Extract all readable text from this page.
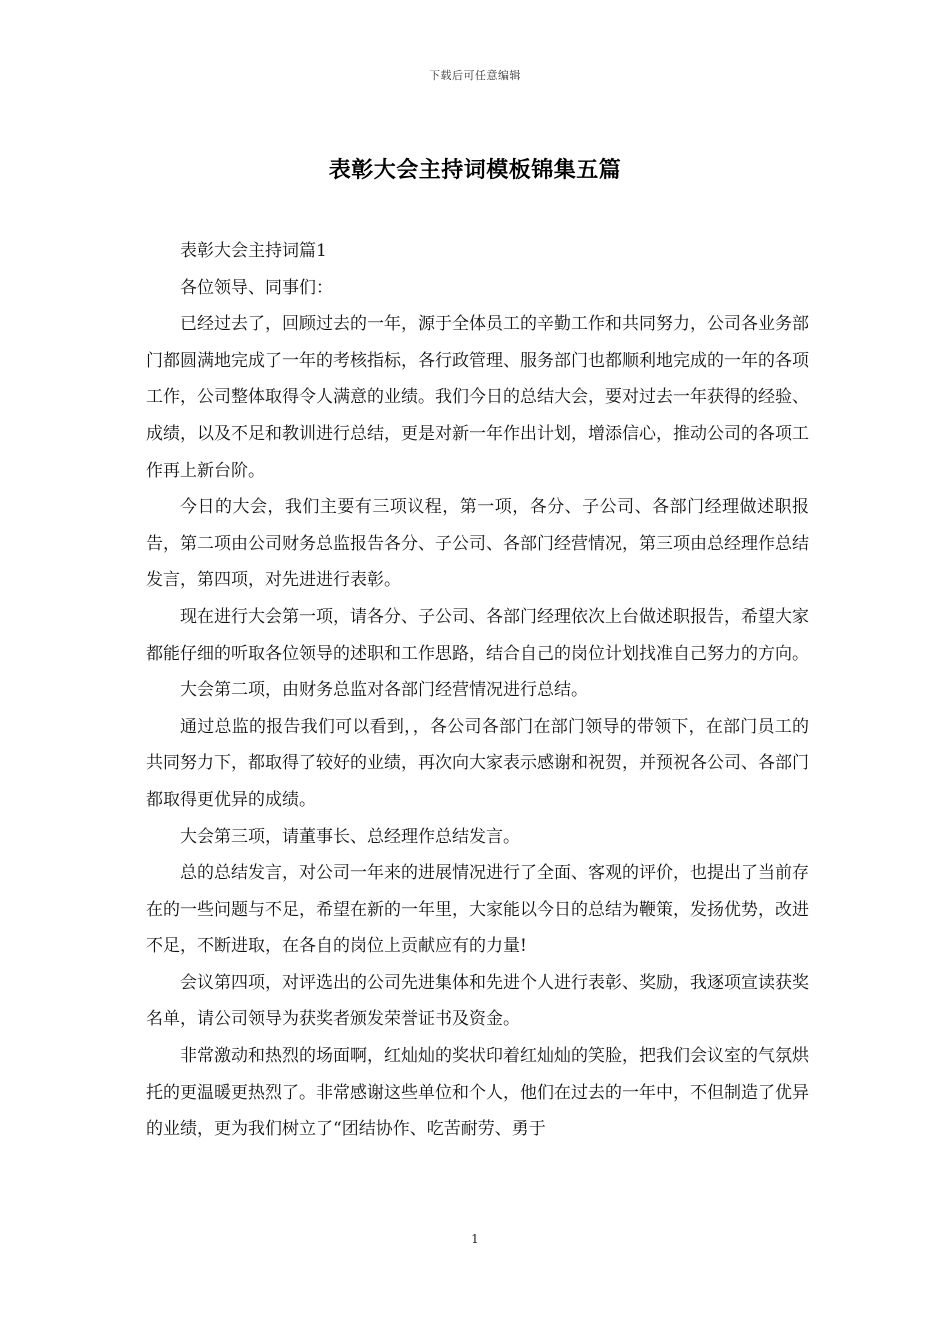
下载后可任意编辑
表彰大会主持词模板锦集五篇

表彰大会主持词篇1

各位领导、同事们：

已经过去了，回顾过去的一年，源于全体员工的辛勤工作和共同努力，公司各业务部门都圆满地完成了一年的考核指标，各行政管理、服务部门也都顺利地完成的一年的各项工作，公司整体取得令人满意的业绩。我们今日的总结大会，要对过去一年获得的经验、成绩，以及不足和教训进行总结，更是对新一年作出计划，增添信心，推动公司的各项工作再上新台阶。

今日的大会，我们主要有三项议程，第一项，各分、子公司、各部门经理做述职报告，第二项由公司财务总监报告各分、子公司、各部门经营情况，第三项由总经理作总结发言，第四项，对先进进行表彰。

现在进行大会第一项，请各分、子公司、各部门经理依次上台做述职报告，希望大家都能仔细的听取各位领导的述职和工作思路，结合自己的岗位计划找准自己努力的方向。

大会第二项，由财务总监对各部门经营情况进行总结。

通过总监的报告我们可以看到，，各公司各部门在部门领导的带领下，在部门员工的共同努力下，都取得了较好的业绩，再次向大家表示感谢和祝贺，并预祝各公司、各部门都取得更优异的成绩。

大会第三项，请董事长、总经理作总结发言。

总的总结发言，对公司一年来的进展情况进行了全面、客观的评价，也提出了当前存在的一些问题与不足，希望在新的一年里，大家能以今日的总结为鞭策，发扬优势，改进不足，不断进取，在各自的岗位上贡献应有的力量!

会议第四项，对评选出的公司先进集体和先进个人进行表彰、奖励，我逐项宣读获奖名单，请公司领导为获奖者颁发荣誉证书及资金。

非常激动和热烈的场面啊，红灿灿的奖状印着红灿灿的笑脸，把我们会议室的气氛烘托的更温暖更热烈了。非常感谢这些单位和个人，他们在过去的一年中，不但制造了优异的业绩，更为我们树立了“团结协作、吃苦耐劳、勇于

1
